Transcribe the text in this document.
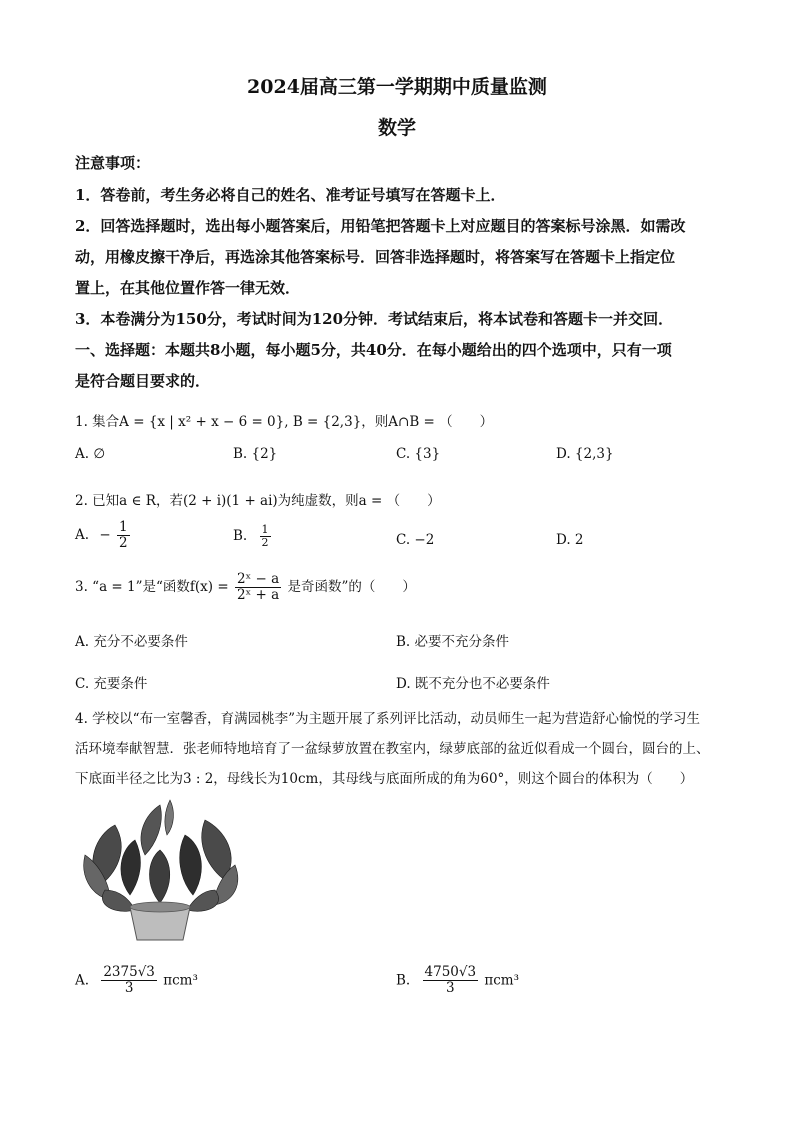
2024届高三第一学期期中质量监测
数学
注意事项：
1．答卷前，考生务必将自己的姓名、准考证号填写在答题卡上．
2．回答选择题时，选出每小题答案后，用铅笔把答题卡上对应题目的答案标号涂黑．如需改
动，用橡皮擦干净后，再选涂其他答案标号．回答非选择题时，将答案写在答题卡上指定位
置上，在其他位置作答一律无效．
3．本卷满分为150分，考试时间为120分钟．考试结束后，将本试卷和答题卡一并交回．
一、选择题：本题共8小题，每小题5分，共40分．在每小题给出的四个选项中，只有一项
是符合题目要求的．
1. 集合A = {x | x² + x − 6 = 0}, B = {2,3}，则A∩B = （　　）
A. ∅	B. {2}	C. {3}	D. {2,3}
2. 已知a ∈ R，若(2 + i)(1 + ai)为纯虚数，则a = （　　）
A. − $\frac{1}{2}$	B. $\frac{1}{2}$	C. −2	D. 2
3. “a = 1”是“函数$f(x) = \frac{\text{2ˣ − a}}{\text{2ˣ + a}}$ 是奇函数”的（　　）
A. 充分不必要条件	B. 必要不充分条件
C. 充要条件	D. 既不充分也不必要条件
4. 学校以“布一室馨香，育满园桃李”为主题开展了系列评比活动，动员师生一起为营造舒心愉悦的学习生
活环境奉献智慧．张老师特地培育了一盆绿萝放置在教室内，绿萝底部的盆近似看成一个圆台，圆台的上、
下底面半径之比为3 : 2，母线长为10cm，其母线与底面所成的角为60°，则这个圆台的体积为（　　）
A. $\frac{2375√3}{3} \pi cm^3$	B. $\frac{4750√3}{3} \pi cm^3$
